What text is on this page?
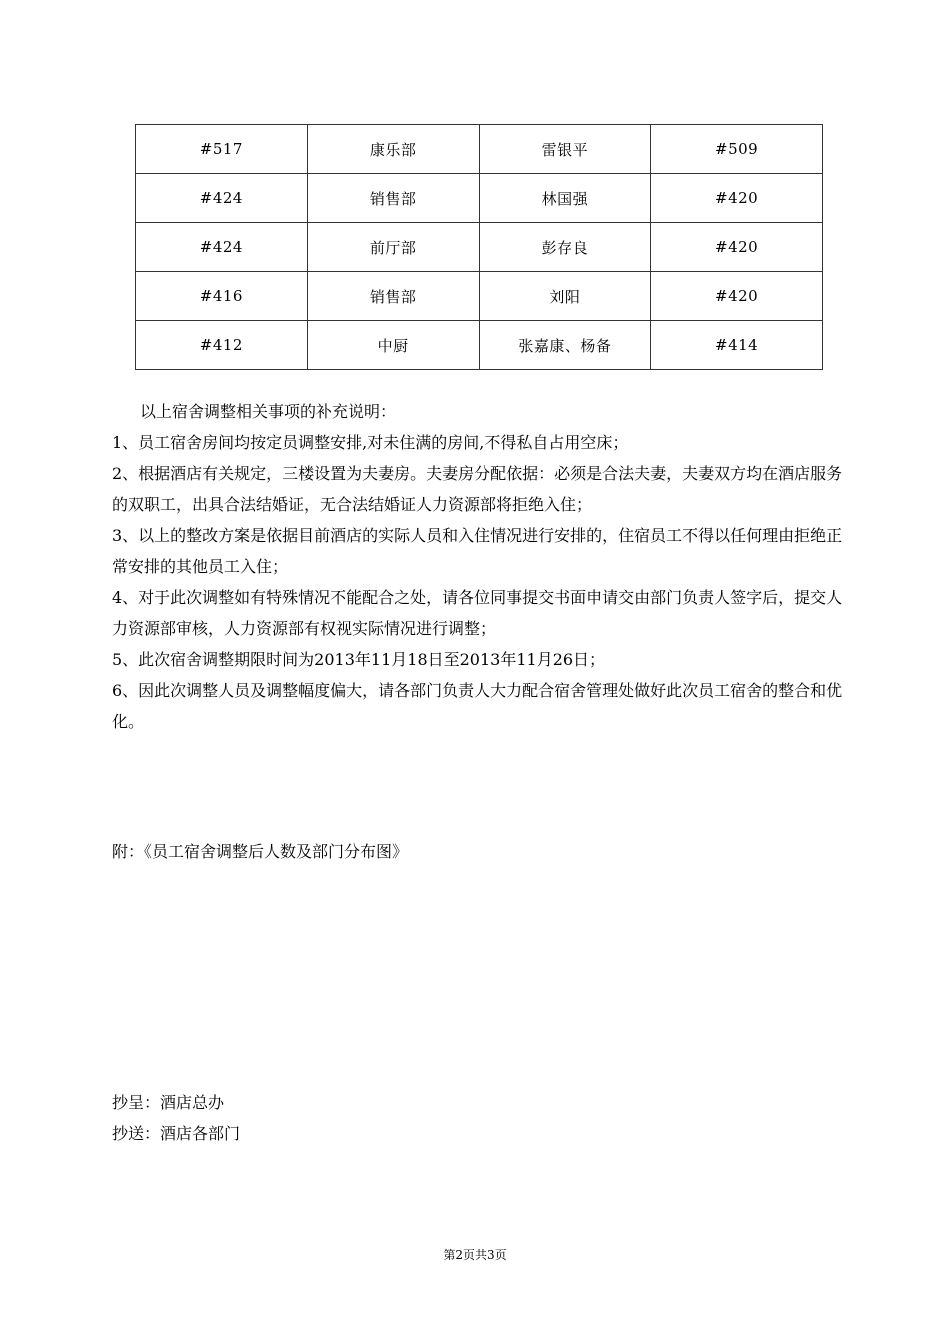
#517	康乐部	雷银平	#509
#424	销售部	林国强	#420
#424	前厅部	彭存良	#420
#416	销售部	刘阳	#420
#412	中厨	张嘉康、杨备	#414

以上宿舍调整相关事项的补充说明：

1、员工宿舍房间均按定员调整安排,对未住满的房间,不得私自占用空床；

2、根据酒店有关规定，三楼设置为夫妻房。夫妻房分配依据：必须是合法夫妻，夫妻双方均在酒店服务的双职工，出具合法结婚证，无合法结婚证人力资源部将拒绝入住；

3、以上的整改方案是依据目前酒店的实际人员和入住情况进行安排的，住宿员工不得以任何理由拒绝正常安排的其他员工入住；

4、对于此次调整如有特殊情况不能配合之处，请各位同事提交书面申请交由部门负责人签字后，提交人力资源部审核，人力资源部有权视实际情况进行调整；

5、此次宿舍调整期限时间为2013年11月18日至2013年11月26日；

6、因此次调整人员及调整幅度偏大，请各部门负责人大力配合宿舍管理处做好此次员工宿舍的整合和优化。

附：《员工宿舍调整后人数及部门分布图》

抄呈：酒店总办

抄送：酒店各部门

第2页共3页
